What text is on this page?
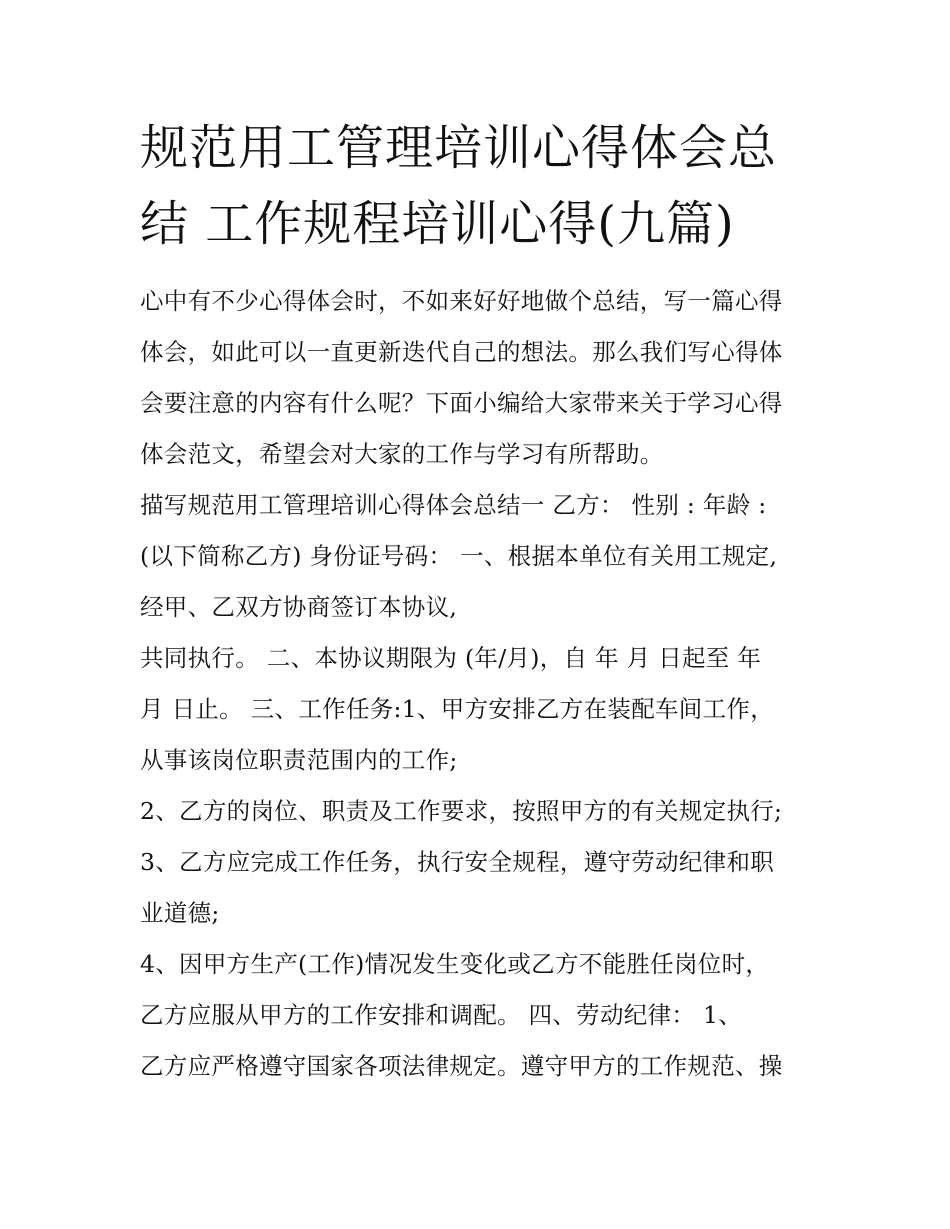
规范用工管理培训心得体会总
结 工作规程培训心得(九篇)
心中有不少心得体会时，不如来好好地做个总结，写一篇心得
体会，如此可以一直更新迭代自己的想法。那么我们写心得体
会要注意的内容有什么呢？下面小编给大家带来关于学习心得
体会范文，希望会对大家的工作与学习有所帮助。
描写规范用工管理培训心得体会总结一 乙方： 性别 : 年龄 :
(以下简称乙方) 身份证号码： 一、根据本单位有关用工规定,
经甲、乙双方协商签订本协议,
共同执行。 二、本协议期限为 (年/月)，自 年 月 日起至 年
月 日止。 三、工作任务:1、甲方安排乙方在装配车间工作，
从事该岗位职责范围内的工作;
2、乙方的岗位、职责及工作要求，按照甲方的有关规定执行;
3、乙方应完成工作任务，执行安全规程，遵守劳动纪律和职
业道德;
4、因甲方生产(工作)情况发生变化或乙方不能胜任岗位时，
乙方应服从甲方的工作安排和调配。 四、劳动纪律： 1、
乙方应严格遵守国家各项法律规定。遵守甲方的工作规范、操
